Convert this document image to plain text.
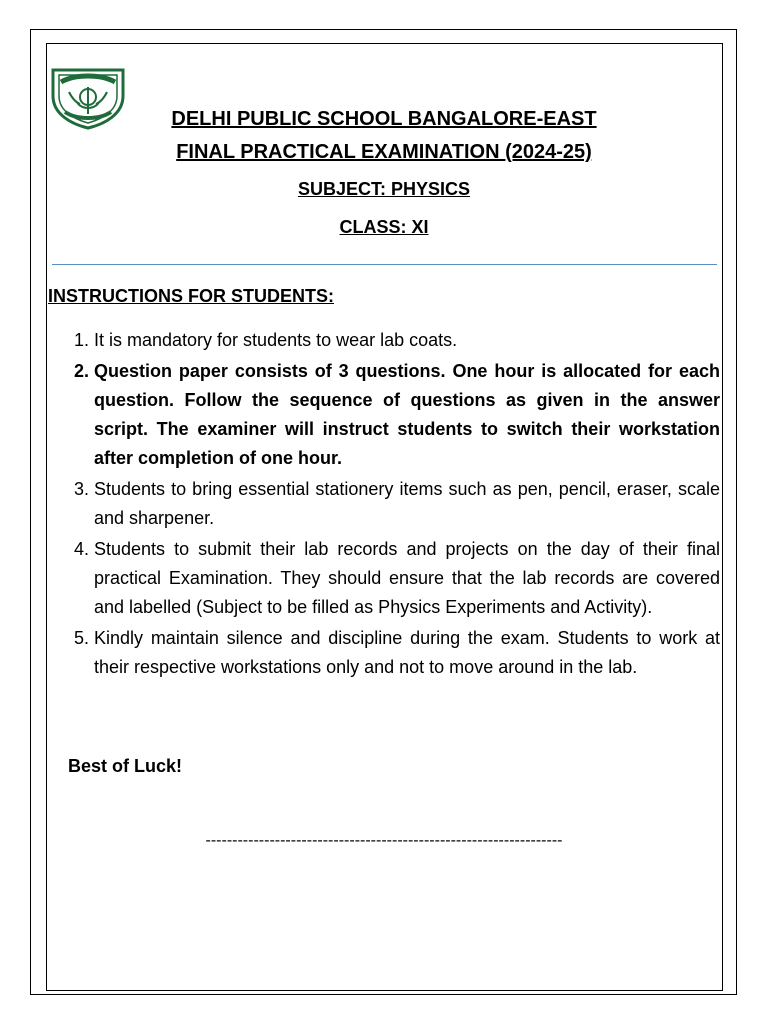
DELHI PUBLIC SCHOOL BANGALORE-EAST
FINAL PRACTICAL EXAMINATION (2024-25)
SUBJECT: PHYSICS
CLASS: XI
INSTRUCTIONS FOR STUDENTS:
1. It is mandatory for students to wear lab coats.
2. Question paper consists of 3 questions. One hour is allocated for each question. Follow the sequence of questions as given in the answer script. The examiner will instruct students to switch their workstation after completion of one hour.
3. Students to bring essential stationery items such as pen, pencil, eraser, scale and sharpener.
4. Students to submit their lab records and projects on the day of their final practical Examination. They should ensure that the lab records are covered and labelled (Subject to be filled as Physics Experiments and Activity).
5. Kindly maintain silence and discipline during the exam. Students to work at their respective workstations only and not to move around in the lab.

Best of Luck!

-------------------------------------------------------------------
